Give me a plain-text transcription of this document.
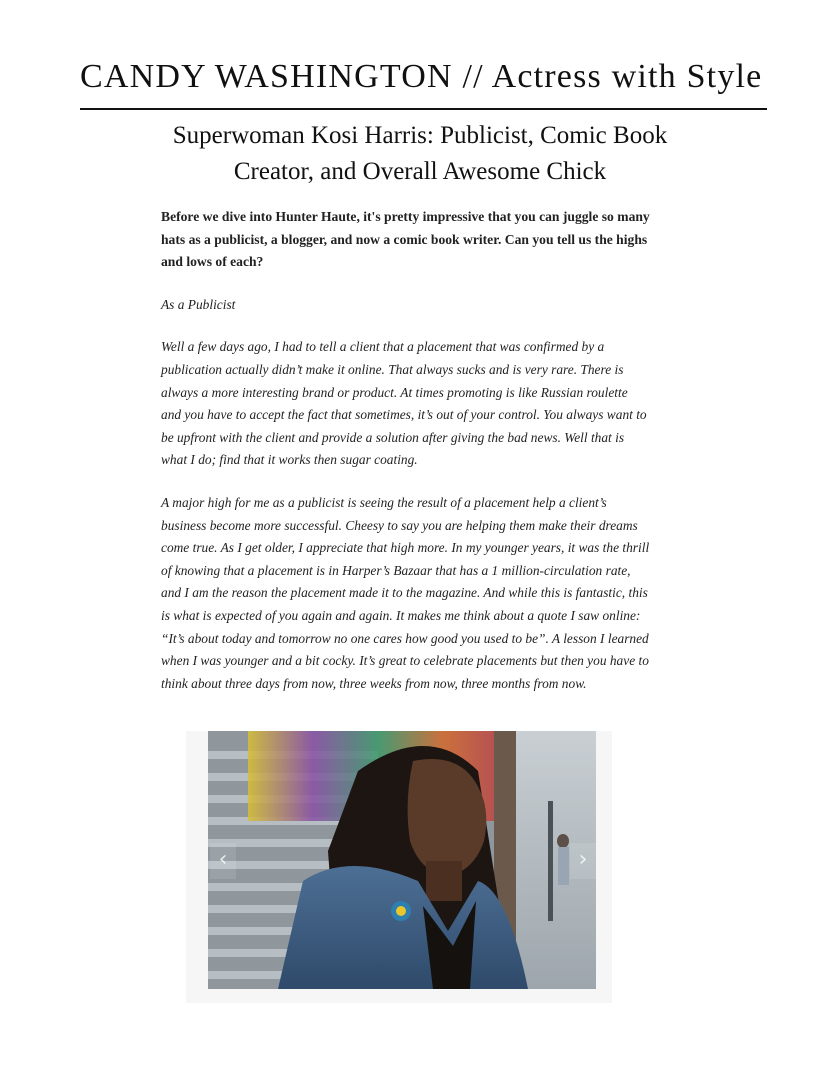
CANDY WASHINGTON // Actress with Style
Superwoman Kosi Harris: Publicist, Comic Book Creator, and Overall Awesome Chick

Before we dive into Hunter Haute, it's pretty impressive that you can juggle so many hats as a publicist, a blogger, and now a comic book writer. Can you tell us the highs and lows of each?

As a Publicist

Well a few days ago, I had to tell a client that a placement that was confirmed by a publication actually didn’t make it online. That always sucks and is very rare. There is always a more interesting brand or product. At times promoting is like Russian roulette and you have to accept the fact that sometimes, it’s out of your control. You always want to be upfront with the client and provide a solution after giving the bad news. Well that is what I do; find that it works then sugar coating.

A major high for me as a publicist is seeing the result of a placement help a client’s business become more successful. Cheesy to say you are helping them make their dreams come true. As I get older, I appreciate that high more. In my younger years, it was the thrill of knowing that a placement is in Harper’s Bazaar that has a 1 million-circulation rate, and I am the reason the placement made it to the magazine. And while this is fantastic, this is what is expected of you again and again. It makes me think about a quote I saw online: “It’s about today and tomorrow no one cares how good you used to be”. A lesson I learned when I was younger and a bit cocky. It’s great to celebrate placements but then you have to think about three days from now, three weeks from now, three months from now.

‹	›
